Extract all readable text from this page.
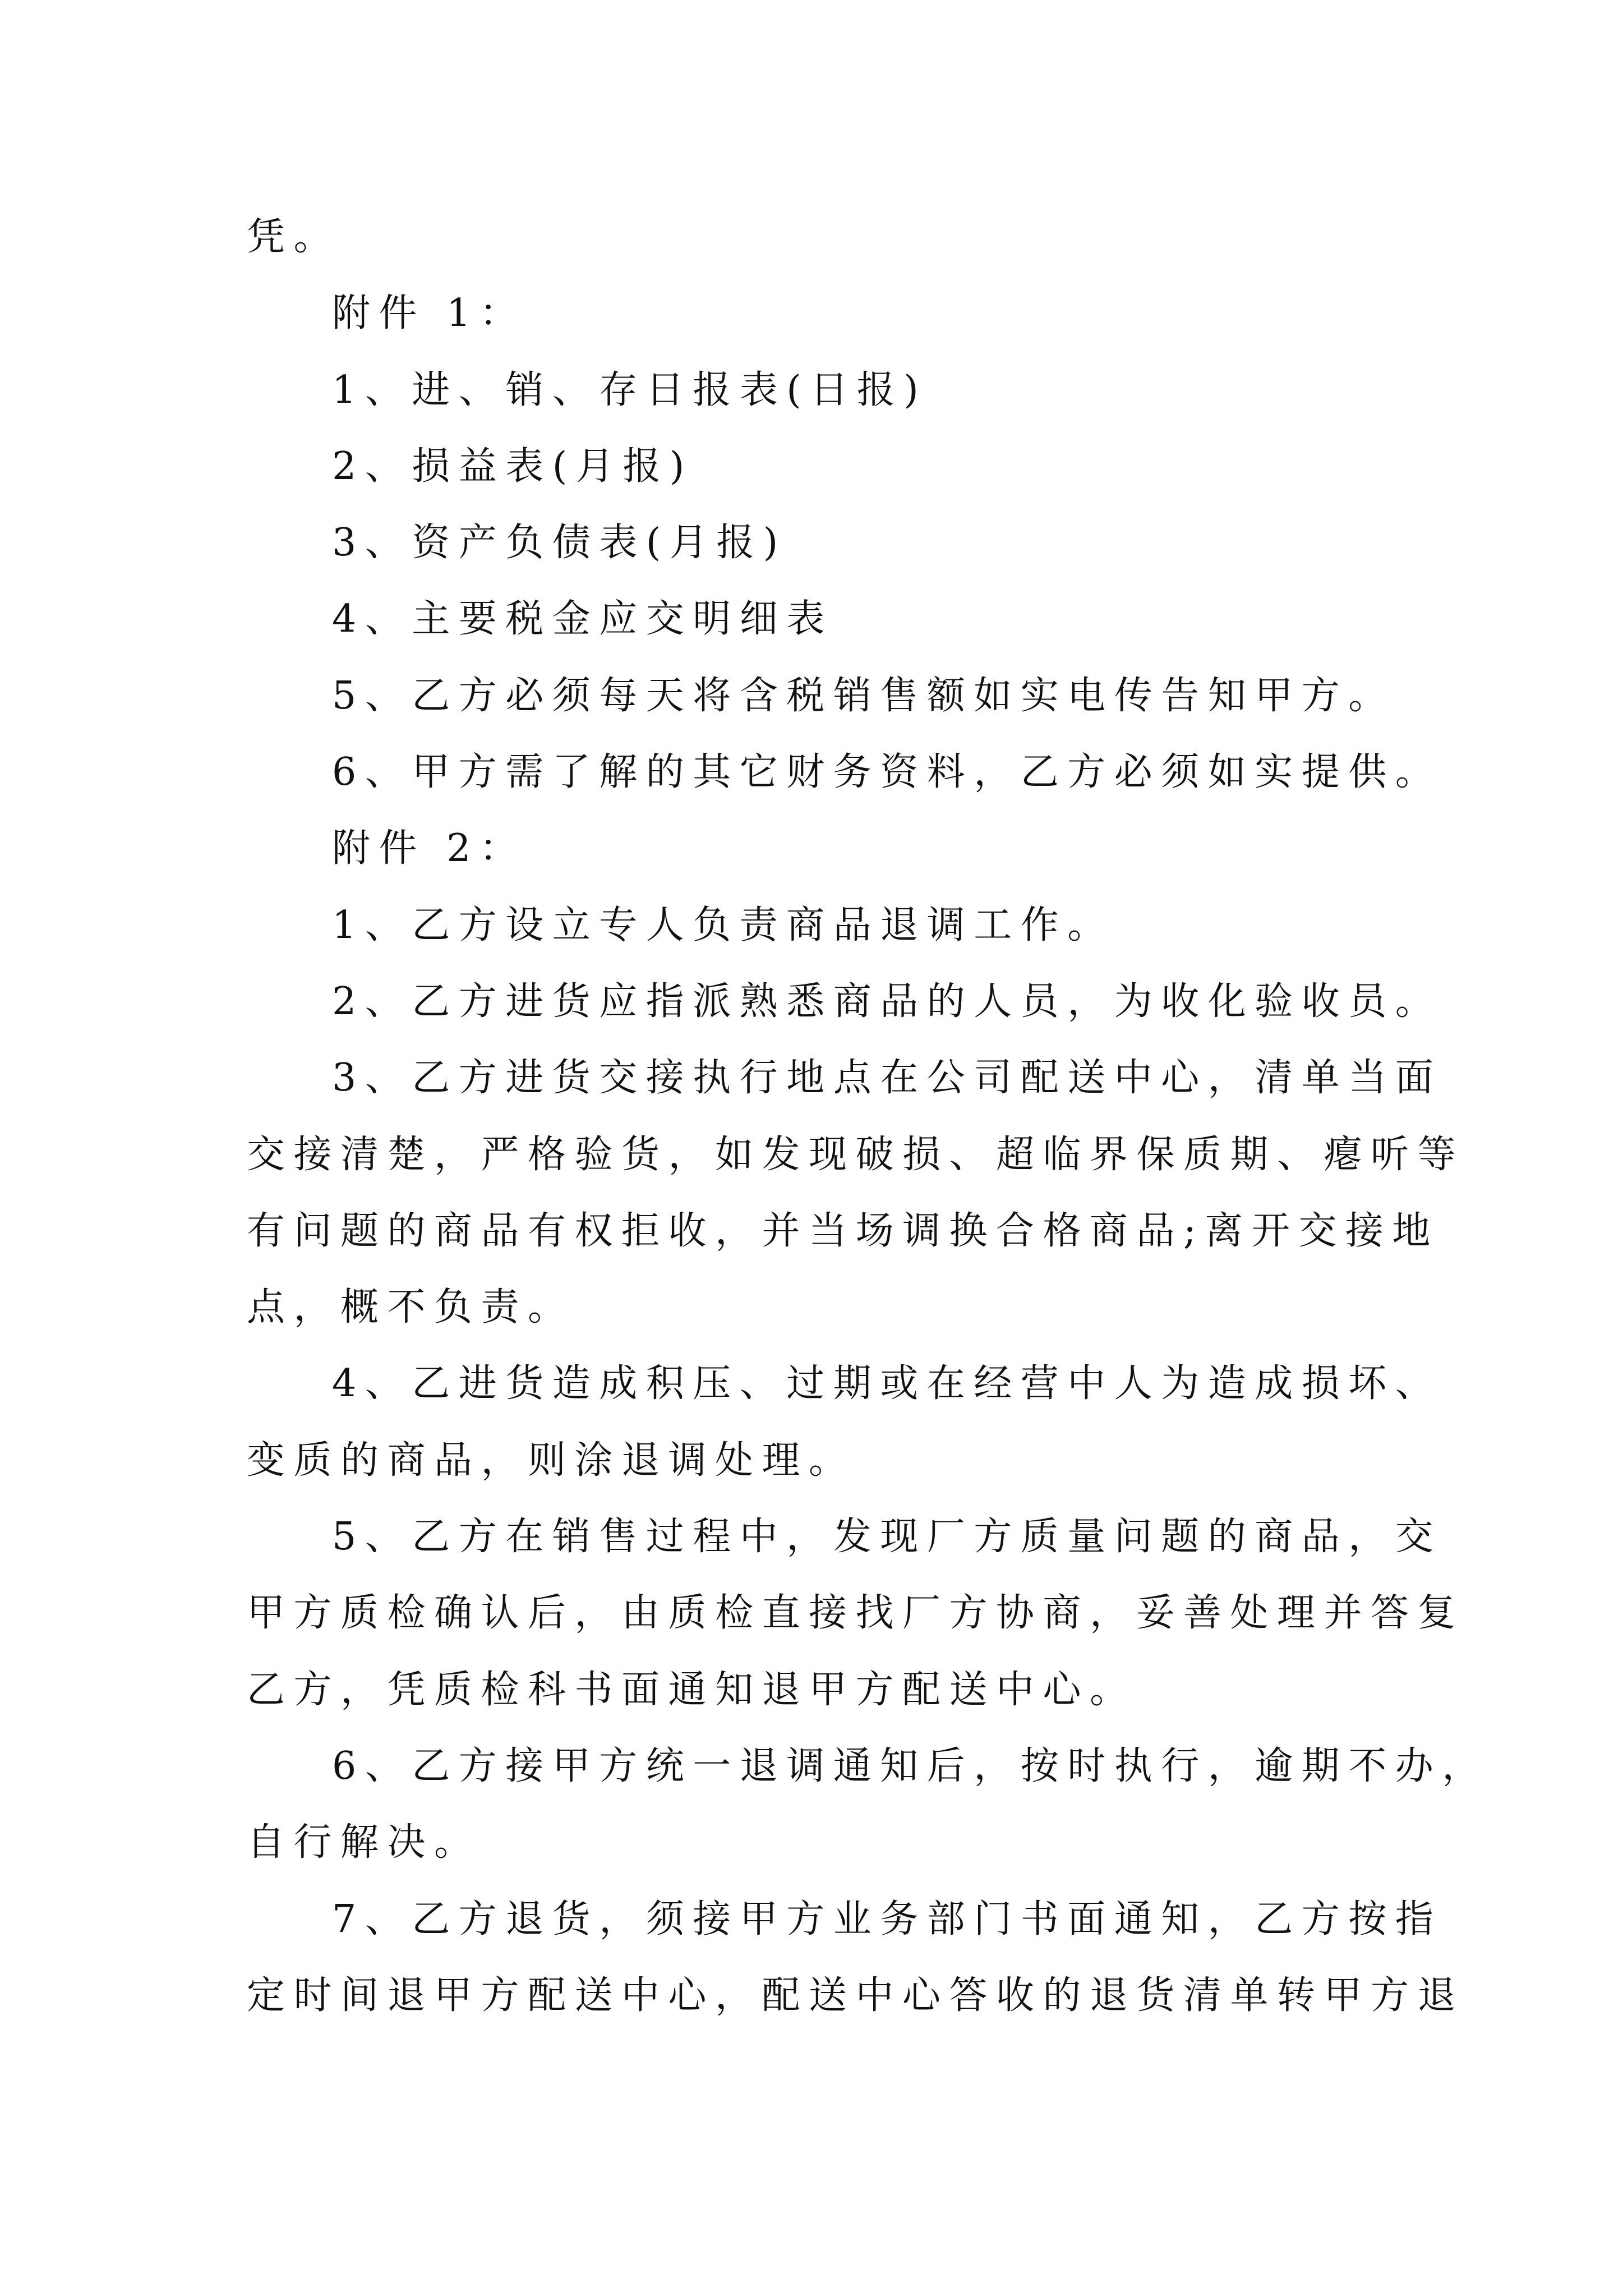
凭。
附件 1：
1、进、销、存日报表(日报)
2、损益表(月报)
3、资产负债表(月报)
4、主要税金应交明细表
5、乙方必须每天将含税销售额如实电传告知甲方。
6、甲方需了解的其它财务资料，乙方必须如实提供。
附件 2：
1、乙方设立专人负责商品退调工作。
2、乙方进货应指派熟悉商品的人员，为收化验收员。
3、乙方进货交接执行地点在公司配送中心，清单当面
交接清楚，严格验货，如发现破损、超临界保质期、瘪听等
有问题的商品有权拒收，并当场调换合格商品;离开交接地
点，概不负责。
4、乙进货造成积压、过期或在经营中人为造成损坏、
变质的商品，则涂退调处理。
5、乙方在销售过程中，发现厂方质量问题的商品，交
甲方质检确认后，由质检直接找厂方协商，妥善处理并答复
乙方，凭质检科书面通知退甲方配送中心。
6、乙方接甲方统一退调通知后，按时执行，逾期不办，
自行解决。
7、乙方退货，须接甲方业务部门书面通知，乙方按指
定时间退甲方配送中心，配送中心答收的退货清单转甲方退
